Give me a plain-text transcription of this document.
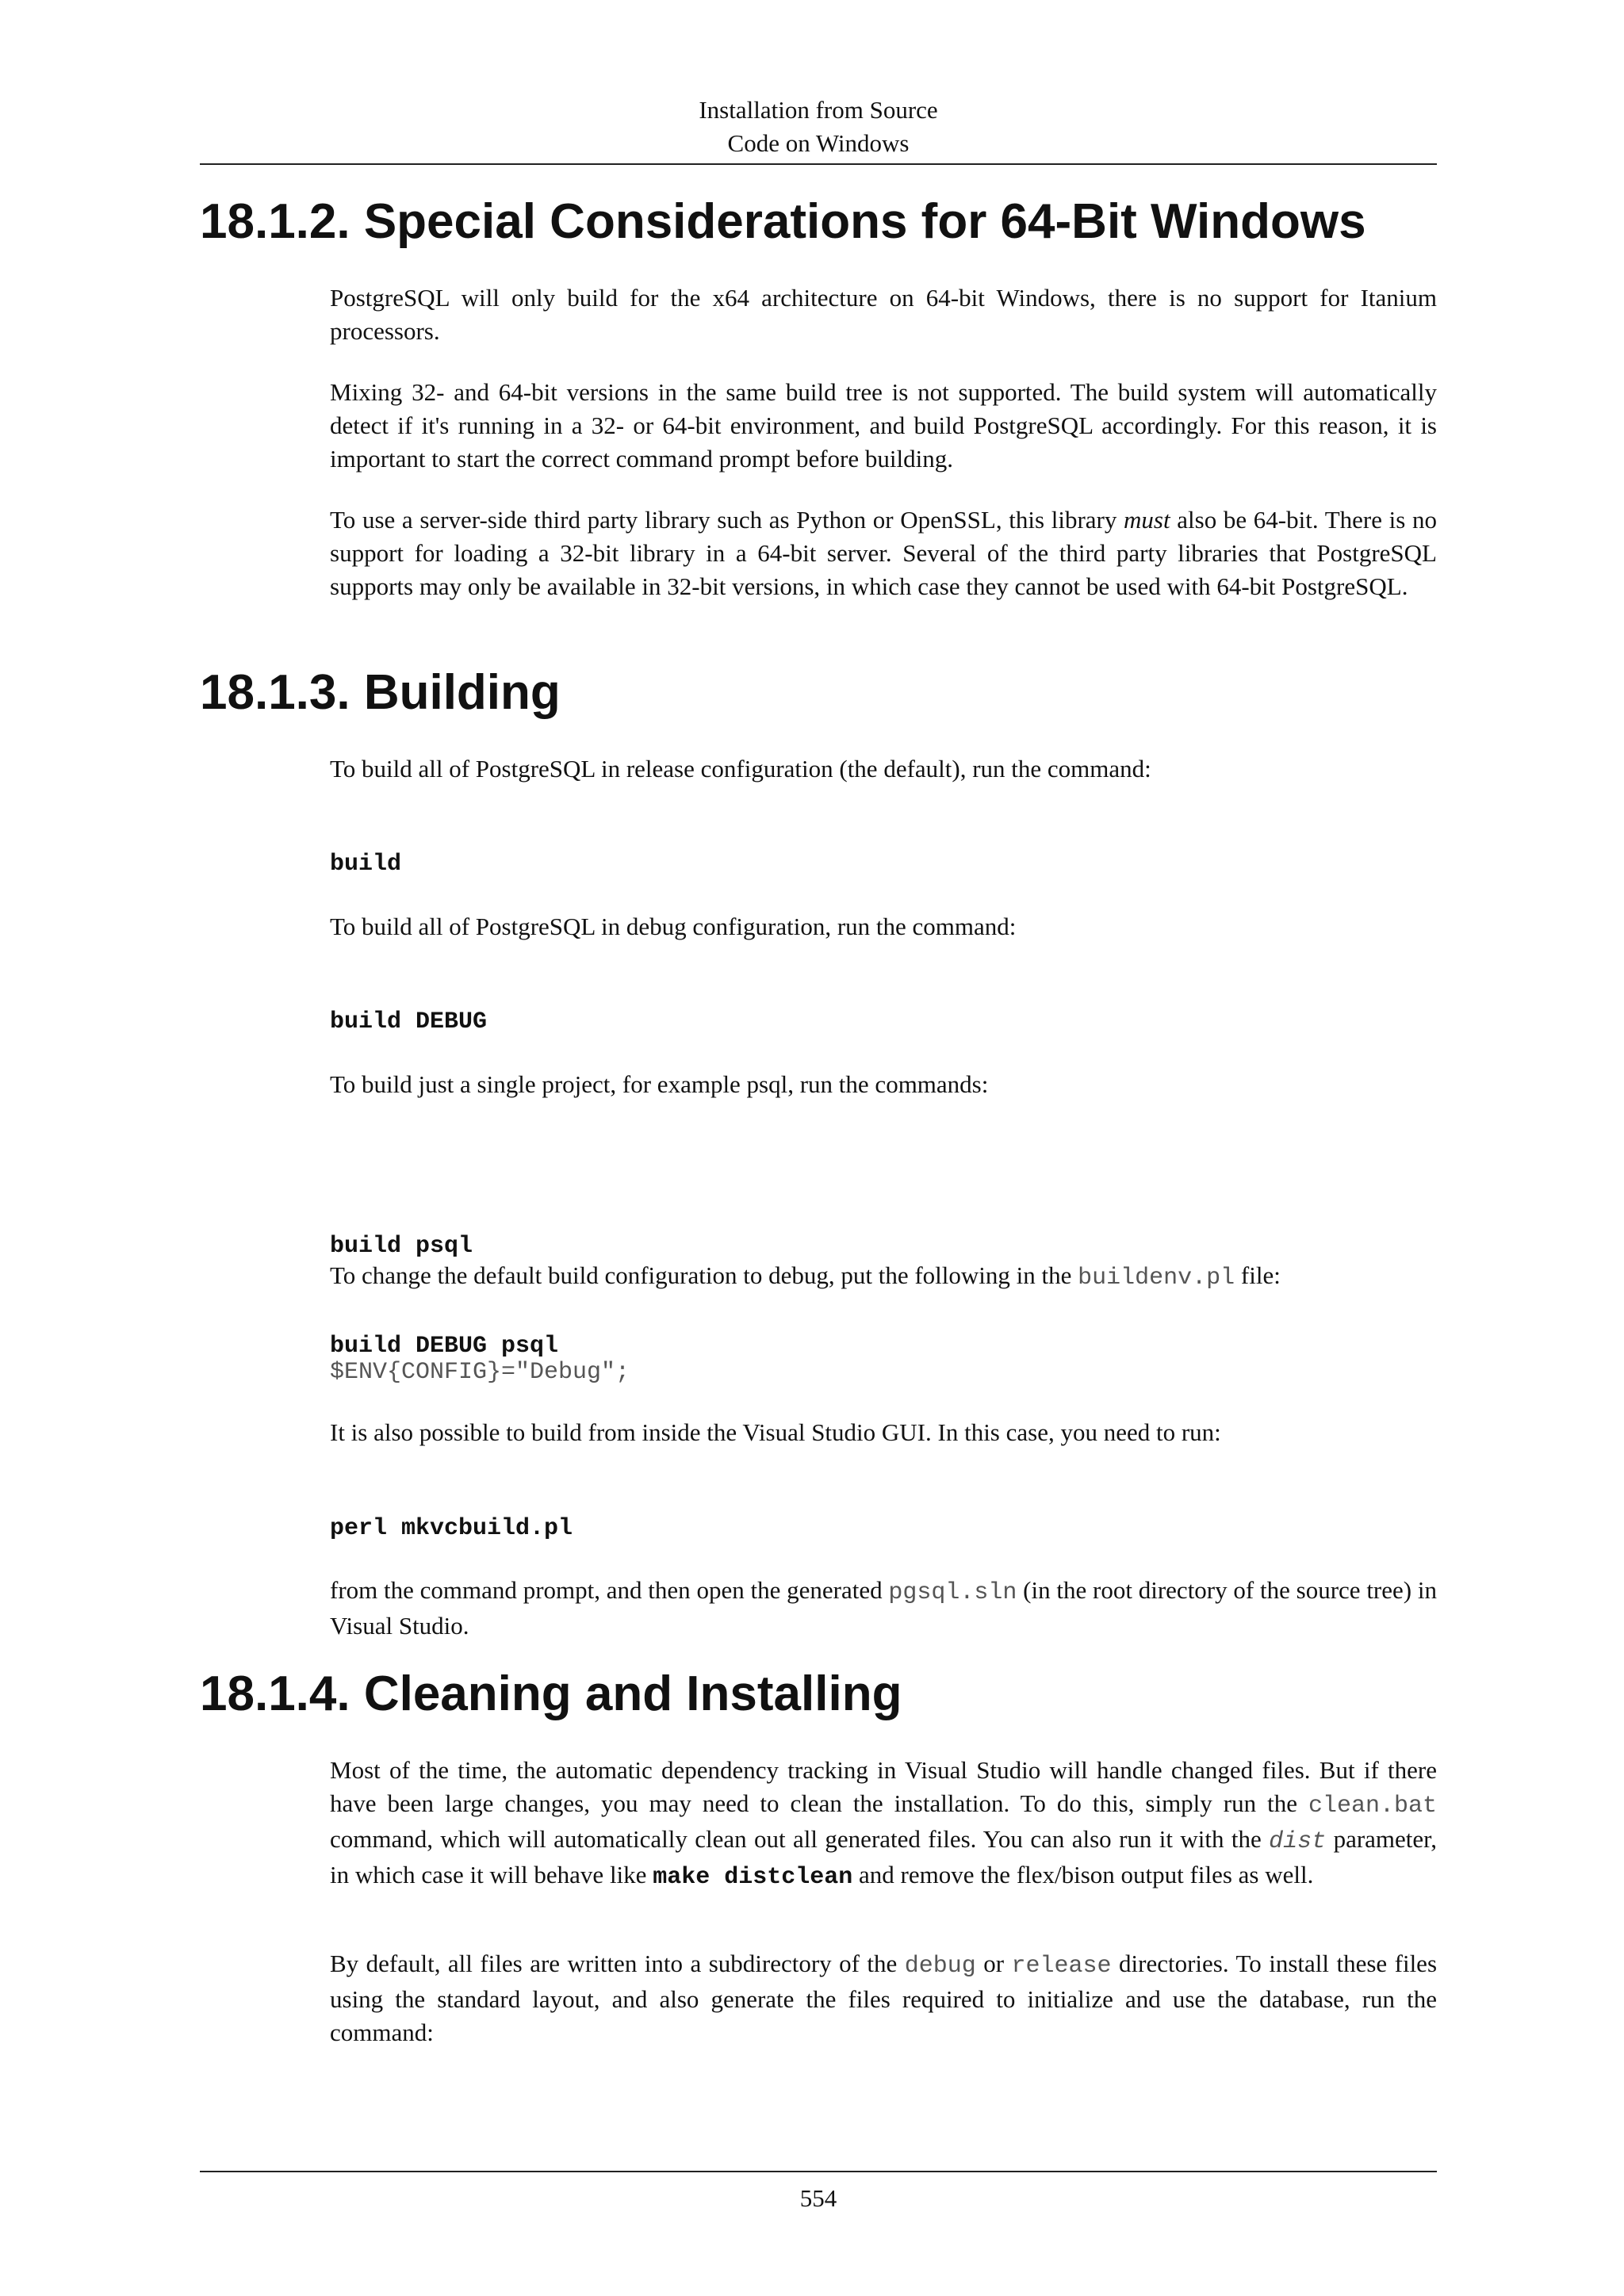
Installation from Source
Code on Windows
18.1.2. Special Considerations for 64-Bit Windows

PostgreSQL will only build for the x64 architecture on 64-bit Windows, there is no support for Itanium processors.

Mixing 32- and 64-bit versions in the same build tree is not supported. The build system will automatically detect if it's running in a 32- or 64-bit environment, and build PostgreSQL accordingly. For this reason, it is important to start the correct command prompt before building.

To use a server-side third party library such as Python or OpenSSL, this library must also be 64-bit. There is no support for loading a 32-bit library in a 64-bit server. Several of the third party libraries that PostgreSQL supports may only be available in 32-bit versions, in which case they cannot be used with 64-bit PostgreSQL.

18.1.3. Building

To build all of PostgreSQL in release configuration (the default), run the command:

build

To build all of PostgreSQL in debug configuration, run the command:

build DEBUG

To build just a single project, for example psql, run the commands:

build psql

build DEBUG psql

To change the default build configuration to debug, put the following in the buildenv.pl file:

$ENV{CONFIG}="Debug";

It is also possible to build from inside the Visual Studio GUI. In this case, you need to run:

perl mkvcbuild.pl

from the command prompt, and then open the generated pgsql.sln (in the root directory of the source tree) in Visual Studio.

18.1.4. Cleaning and Installing

Most of the time, the automatic dependency tracking in Visual Studio will handle changed files. But if there have been large changes, you may need to clean the installation. To do this, simply run the clean.bat command, which will automatically clean out all generated files. You can also run it with the dist parameter, in which case it will behave like make distclean and remove the flex/bison output files as well.

By default, all files are written into a subdirectory of the debug or release directories. To install these files using the standard layout, and also generate the files required to initialize and use the database, run the command:

554
